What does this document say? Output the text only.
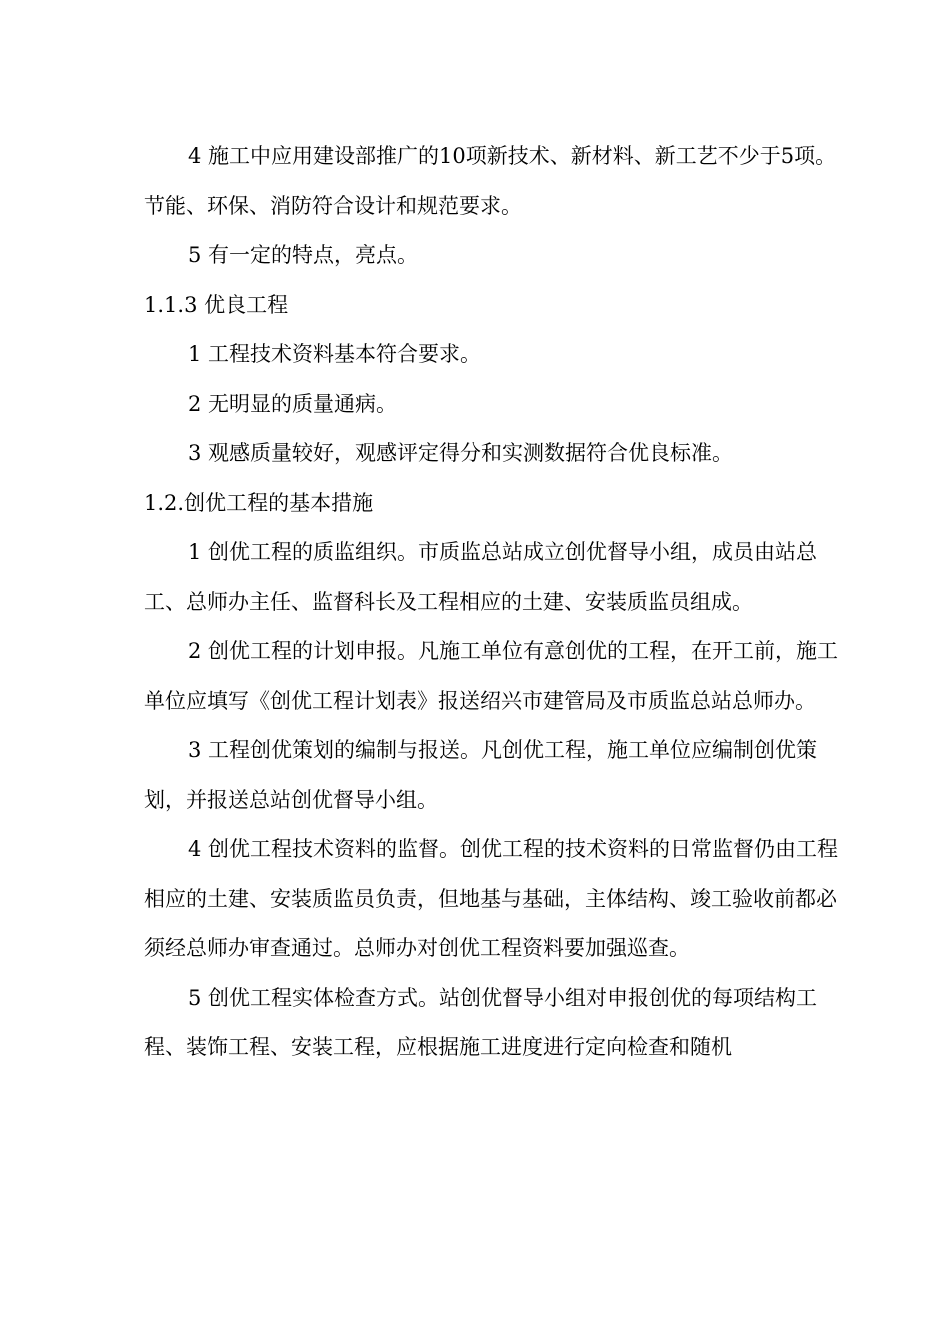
4 施工中应用建设部推广的10项新技术、新材料、新工艺不少于5项。节能、环保、消防符合设计和规范要求。

5 有一定的特点，亮点。

1.1.3 优良工程

1 工程技术资料基本符合要求。

2 无明显的质量通病。

3 观感质量较好，观感评定得分和实测数据符合优良标准。

1.2.创优工程的基本措施

1 创优工程的质监组织。市质监总站成立创优督导小组，成员由站总工、总师办主任、监督科长及工程相应的土建、安装质监员组成。

2 创优工程的计划申报。凡施工单位有意创优的工程，在开工前，施工单位应填写《创优工程计划表》报送绍兴市建管局及市质监总站总师办。

3 工程创优策划的编制与报送。凡创优工程，施工单位应编制创优策划，并报送总站创优督导小组。

4 创优工程技术资料的监督。创优工程的技术资料的日常监督仍由工程相应的土建、安装质监员负责，但地基与基础，主体结构、竣工验收前都必须经总师办审查通过。总师办对创优工程资料要加强巡查。

5 创优工程实体检查方式。站创优督导小组对申报创优的每项结构工程、装饰工程、安装工程，应根据施工进度进行定向检查和随机
